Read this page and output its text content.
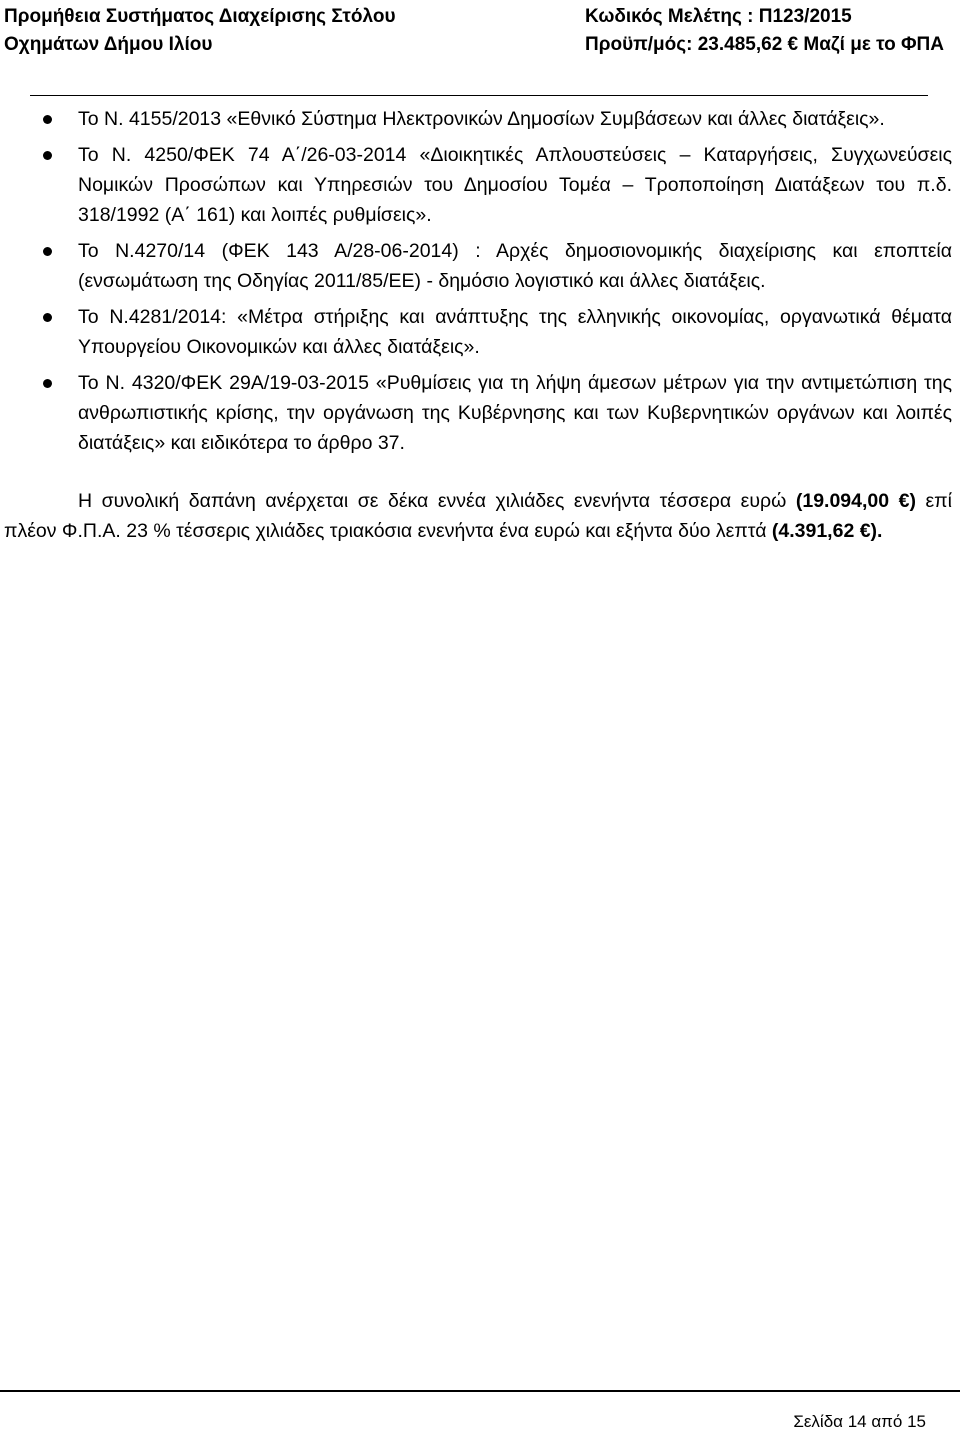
Προμήθεια Συστήματος Διαχείρισης Στόλου
Οχημάτων Δήμου Ιλίου
Κωδικός Μελέτης : Π123/2015
Προϋπ/μός: 23.485,62 € Μαζί με το ΦΠΑ
Το Ν. 4155/2013 «Εθνικό Σύστημα Ηλεκτρονικών Δημοσίων Συμβάσεων και άλλες διατάξεις».
Το Ν. 4250/ΦΕΚ 74 Α΄/26-03-2014 «Διοικητικές Απλουστεύσεις – Καταργήσεις, Συγχωνεύσεις Νομικών Προσώπων και Υπηρεσιών του Δημοσίου Τομέα – Τροποποίηση Διατάξεων του π.δ. 318/1992 (Α΄ 161) και λοιπές ρυθμίσεις».
Το Ν.4270/14 (ΦΕΚ 143 Α/28-06-2014) : Αρχές δημοσιονομικής διαχείρισης και εποπτεία (ενσωμάτωση της Οδηγίας 2011/85/ΕΕ) - δημόσιο λογιστικό και άλλες διατάξεις.
Το Ν.4281/2014: «Μέτρα στήριξης και ανάπτυξης της ελληνικής οικονομίας, οργανωτικά θέματα Υπουργείου Οικονομικών και άλλες διατάξεις».
Το Ν. 4320/ΦΕΚ 29Α/19-03-2015 «Ρυθμίσεις για τη λήψη άμεσων μέτρων για την αντιμετώπιση της ανθρωπιστικής κρίσης, την οργάνωση της Κυβέρνησης και των Κυβερνητικών οργάνων και λοιπές διατάξεις» και ειδικότερα το άρθρο 37.

Η συνολική δαπάνη ανέρχεται σε δέκα εννέα χιλιάδες ενενήντα τέσσερα ευρώ (19.094,00 €) επί πλέον Φ.Π.Α. 23 % τέσσερις χιλιάδες τριακόσια ενενήντα ένα ευρώ και εξήντα δύο λεπτά (4.391,62 €).

Σελίδα 14 από 15
